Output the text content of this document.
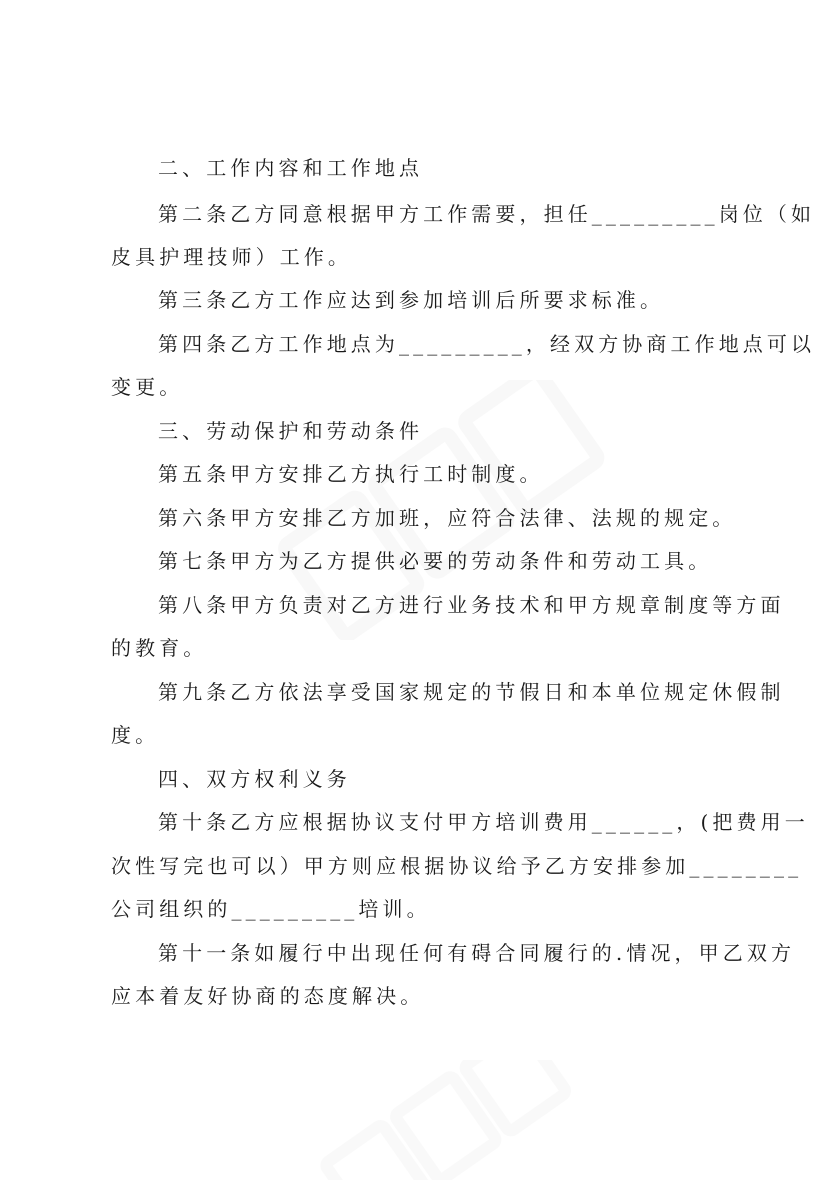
二、工作内容和工作地点
第二条乙方同意根据甲方工作需要，担任_________岗位（如
皮具护理技师）工作。
第三条乙方工作应达到参加培训后所要求标准。
第四条乙方工作地点为_________，经双方协商工作地点可以
变更。
三、劳动保护和劳动条件
第五条甲方安排乙方执行工时制度。
第六条甲方安排乙方加班，应符合法律、法规的规定。
第七条甲方为乙方提供必要的劳动条件和劳动工具。
第八条甲方负责对乙方进行业务技术和甲方规章制度等方面
的教育。
第九条乙方依法享受国家规定的节假日和本单位规定休假制
度。
四、双方权利义务
第十条乙方应根据协议支付甲方培训费用______，(把费用一
次性写完也可以）甲方则应根据协议给予乙方安排参加________
公司组织的_________培训。
第十一条如履行中出现任何有碍合同履行的.情况，甲乙双方
应本着友好协商的态度解决。
